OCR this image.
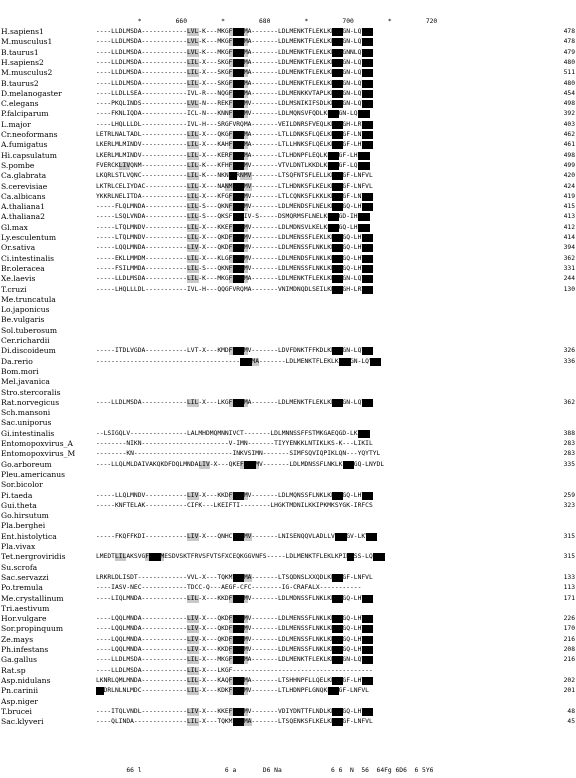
*         660         *         680         *         700         *         720
H.sapiens1	----LLDLMSDA------------LVL-K---MKGFVRNMA-------LDLMENKTFLEKLKPGDGN-LQYVL	478
M.musculus1	----LLDLMSDA------------LVL-K---MKGFVRNMA-------LDLMENKTFLEKLKPGDGN-LQYVL	478
B.taurus1	----LLDLMSDA------------LVL-K---MKGFVRNMA-------LDLMENKTFLEKLKPGDGNNLQYVL	479
H.sapiens2	----LLDLMSDA------------LIL-X---SKGFVRNMA-------LDLMENKTFLEKLKPGDGN-LQYVL	480
M.musculus2	----LLDLMSDA------------LIL-X---SKGFVRNMA-------LDLMENKTFLEKLKPGDGN-LQYVL	511
B.taurus2	----LLDLMSDA------------LIL-X---SKGFVRNMA-------LDLMENKTFLEKLKPGDGN-LQYVL	480
D.melanogaster	----LLDLLSEA------------IVL-R---NQGFVRNMA-------LDLMENKKVTAPLKPGDGN-LQYVL	454
C.elegans	----PKQLINDS------------LVL-N---REKFVRNMV-------LDLMSNIKIFSDLKPGDGN-LQYVL	498
P.falciparum	----FKNLIQDA------------ICL-N---KNNFVRNMV-------LDLMQNSVFQDLKPGDGN-LQYVL	392
L.major	----LHQLLLDL------------IVL-H---SRGFVRQMA-------VEILDNRSFVEQLKPGDGH-LRYVL	403
Cr.neoformans	LETRLNALTADL------------LIL-X---QKGFVRNMA-------LTLLDNKSFLQELKPGDGF-LNYVL	462
A.fumigatus	LKERLMLMINDV------------LIL-X---KAHFVRNMA-------LTLLHNKSFLQELKPGDGF-LHYVL	461
Hi.capsulatum	LKERLMLMINDV------------LIL-X---KERFVRNMA-------LTLHDNPFLEQLKPGDGF-LHYVL	498
S.pombe	FVERCKLIVQNM------------LIL-K---KFHFVRNMV-------VTVLDNTLKKDLKPGDGF-LQYVL	499
Ca.glabrata	LKQRLSTLVQNC------------LIL-K---NKNYVRNMV-------LTSQFNTSFLELLKPGDGF-LNFVL	420
S.cerevisiae	LKTRLCELIYDAC-----------LIL-X---NANMVRNMV-------LTLHDNKSFLKELKPGDGF-LNFVL	424
Ca.albicans	YKKRLNELITDA------------LIL-X---KFGFVRNMV-------LTLCQNKSFLKKLKPGDGF-LNYVL	419
A.thaliana1	-----FLQLMNDA-----------LIL-S---QKNFVRNMV-------LDLMENDSFLNELKPGDGQ-LHYVL	415
A.thaliana2	-----LSQLVNDA-----------LIL-S---QKSFVRNIV-S-----DSMQRMSFLNELKPGDGD-IHYVL	413
Gl.max	-----LTQLMNDV-----------LIL-X---KKEFVRNMV-------LDLMDNSVLKELKPGDGQ-LHYVL	412
Ly.esculentum	-----LTQLMNDV-----------LIL-X---QKDFVRNMV-------LDLMENSSFLEKLKPGDGQ-LHYVL	414
Or.sativa	-----LQQLMNDA-----------LIV-X---QKDFVRNMV-------LDLMENSSFLNKLKPGDGQ-LHYVL	394
Ci.intestinalis	-----EKLLMMDM-----------LIL-X---KLGFVRNMV-------LDLMENDSFLNKLKPGDGQ-LHYVL	362
Br.oleracea	-----FSILMMDA-----------LIL-S---QKNFVRNMV-------LDLMENSSFLNKLKPGDGQ-LHYVL	331
Xe.laevis	-----LLDLMSDA-----------LIL-K---MKGFVRNMA-------LDLMENKTFLEKLKPGDGN-LQYVL	244
T.cruzi	-----LHQLLLDL-----------IVL-H---QQGFVRQMA-------VNIMDNQDLSEILKPGDGH-LRYVL	130
Me.truncatula
Lo.japonicus
Be.vulgaris
Sol.tuberosum
Cer.richardii
Di.discoideum	-----ITDLVGDA-----------LVT-X---KMDFVRNMV-------LDVFDNKTFFKDLKPGDGN-LQYVL	326
Da.rerio	--------------------------------------VRNMA-------LDLMENKTFLEKLKPGDGN-LQYVL	336
Bom.mori
Mel.javanica
Stro.stercoralis
Rat.norvegicus	----LLDLMSDA------------LIL-X---LKGFVRNMA-------LDLMENKTFLEKLKPGDGN-LQYVL	362
Sch.mansoni
Sac.uniporus
Gi.intestinalis	--LSIGQLV---------------LALMHDMQMNNIVCT-------LDLMNNSSFFSTMKGAEQGD-LKYVL	388
Entomopoxvirus_A	--------NIKN-----------------------V-IMN-------TIYYENKKLNTIKLKS-K---LIKIL	283
Entomopoxvirus_M	--------KN--------------------------INKVSIMN-------SIMFSQVIQPIKLQN---YQYTYL	283
Go.arboreum	----LLQLMLDAIVAKQKDFDQLMNDALIV-X---QKEFVRNMV-------LDLMDNSSFLNKLKPGDGQ-LNYDL	335
Pleu.americanus
Sor.bicolor
Pi.taeda	-----LLQLMNDV-----------LIV-X---KKDFVRNMV-------LDLMQNSSFLNKLKPGDGQ-LHYVL	259
Gui.theta	-----KNFTELAK-----------CIFK---LKEIFTI--------LHGKTMDNILKKIPKMKSYGK-IRFCS	323
Go.hirsutum
Pla.berghei
Ent.histolytica	-----FKQFFKDI-----------LIV-X---QNHCVRNMV-------LNISENQQVLADLLVPGDGV-LKYVL	315
Pla.vivax
Tet.nergroviridis	LMEDTLILAKSVGFVRNMESDVSKTFRVSFVTSFXCEQKGGVNFS-----LDLMENKTFLEKLKPIDGSS-LQYVL	315
Su.scrofa
Sac.servazzi	LRKRLDLISDT-------------VVL-X---TQKMVRNMA-------LTSQDNSLXXQDLKPGDGF-LNFVL	133
Po.tremula	----IASV-NEC------------TDCC-Q---AEGF-CFC--------IG-CRAFALX-----------	113
Me.crystallinum	----LIQLMNDA------------LIL-X---KKDFVRNMV-------LDLMDNSSFLNKLKPGDGQ-LHYVL	171
Tri.aestivum
Hor.vulgare	----LQQLMNDA------------LIV-X---QKDFVRNMV-------LDLMENSSFLNKLKPGDGQ-LHYVL	226
Sor.propinquum	----LQQLMNDA------------LIV-X---QKDFVRNMV-------LDLMENSSFLNKLKPGDGQ-LHYVL	170
Ze.mays	----LQQLMNDA------------LIV-X---QKDFVRNMV-------LDLMENSSFLNKLKPGDGQ-LHYVL	216
Ph.infestans	----LQQLMNDA------------LIV-X---KKDFVRNMV-------LDLMENSSFLNKLKPGDGQ-LHYVL	208
Ga.gallus	----LLDLMSDA------------LIL-X---MKGFVRNMA-------LDLMENKTFLEKLKPGDGN-LQYVL	216
Rat.sp	----LLDLMSDA------------LIL-X---LKGF-------------------------------------
Asp.nidulans	LKNRLQMLMNDA------------LIL-X---KAQFVRNMA-------LTSHHNPFLLQELKPGDGF-LHYVL	202
Pn.carinii	YVDRLNLNLMDC------------LIL-X---KDKFVRNMV-------LTLHDNPFLGNQKPGDGF-LNFVL	201
Asp.niger
T.brucei	----ITQLVNDL------------LIV-X---KKEFVRNMV-------VDIYDNTTFLNDLKPGDGQ-LHYVL	48
Sac.klyveri	----QLINDA--------------LIL-X---TQKMVRNMA-------LTSQENKSFLKELKPGDGF-LNFVL	45
66 l                      6 a       D6 Na             6 6  N  56  64Fg 6D6  6 5Y6
